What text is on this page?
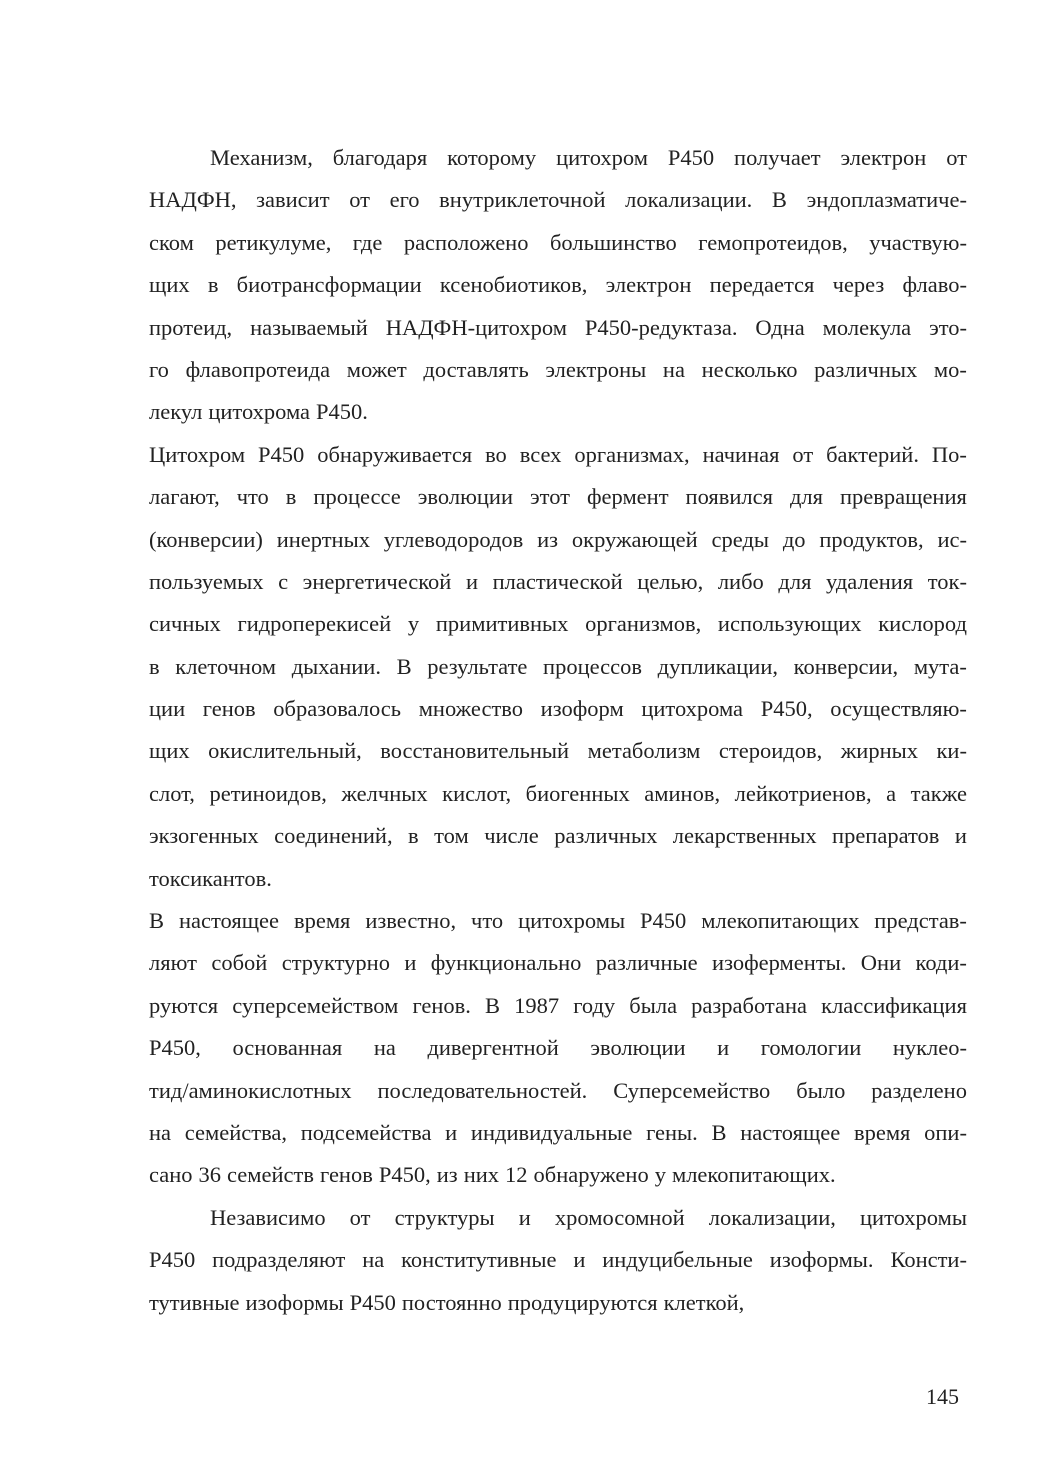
Механизм, благодаря которому цитохром Р450 получает электрон от
НАДФН, зависит от его внутриклеточной локализации. В эндоплазматиче-
ском ретикулуме, где расположено большинство гемопротеидов, участвую-
щих в биотрансформации ксенобиотиков, электрон передается через флаво-
протеид, называемый НАДФН-цитохром Р450-редуктаза. Одна молекула это-
го флавопротеида может доставлять электроны на несколько различных мо-
лекул цитохрома Р450.
Цитохром Р450 обнаруживается во всех организмах, начиная от бактерий. По-
лагают, что в процессе эволюции этот фермент появился для превращения
(конверсии) инертных углеводородов из окружающей среды до продуктов, ис-
пользуемых с энергетической и пластической целью, либо для удаления ток-
сичных гидроперекисей у примитивных организмов, использующих кислород
в клеточном дыхании. В результате процессов дупликации, конверсии, мута-
ции генов образовалось множество изоформ цитохрома Р450, осуществляю-
щих окислительный, восстановительный метаболизм стероидов, жирных ки-
слот, ретиноидов, желчных кислот, биогенных аминов, лейкотриенов, а также
экзогенных соединений, в том числе различных лекарственных препаратов и
токсикантов.
В настоящее время известно, что цитохромы Р450 млекопитающих представ-
ляют собой структурно и функционально различные изоферменты. Они коди-
руются суперсемейством генов. В 1987 году была разработана классификация
Р450, основанная на дивергентной эволюции и гомологии нуклео-
тид/аминокислотных последовательностей. Суперсемейство было разделено
на семейства, подсемейства и индивидуальные гены. В настоящее время опи-
сано 36 семейств генов Р450, из них 12 обнаружено у млекопитающих.
Независимо от структуры и хромосомной локализации, цитохромы
Р450 подразделяют на конститутивные и индуцибельные изоформы. Консти-
тутивные изоформы Р450 постоянно продуцируются клеткой,
145
